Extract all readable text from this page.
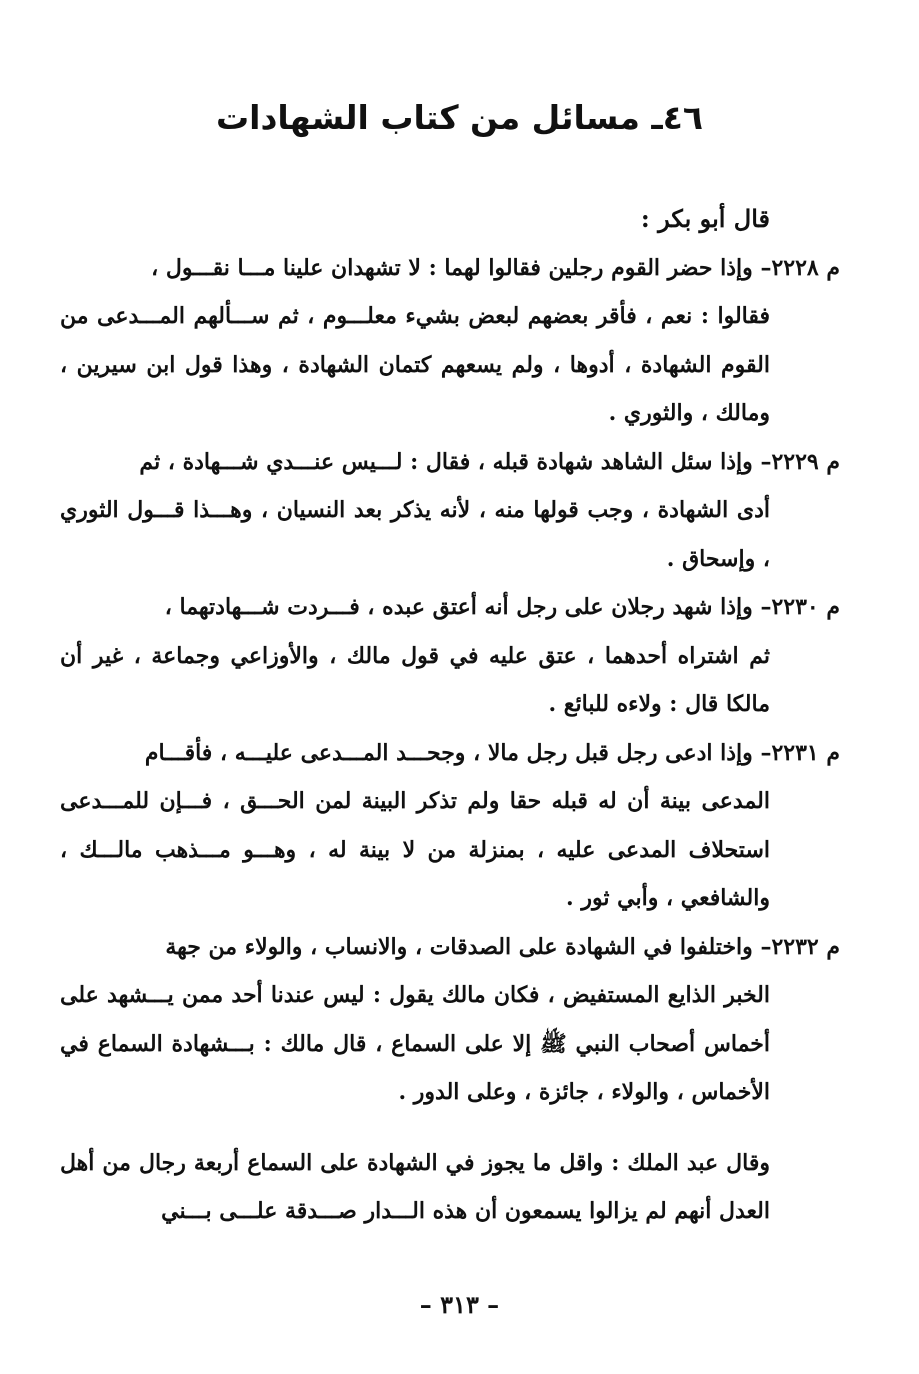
٤٦ـ مسائل من كتاب الشهادات

قال أبو بكر :

م ٢٢٢٨– وإذا حضر القوم رجلين فقالوا لهما : لا تشهدان علينا مـــا نقـــول ،

فقالوا : نعم ، فأقر بعضهم لبعض بشيء معلـــوم ، ثم ســـألهم المـــدعى من القوم الشهادة ، أدوها ، ولم يسعهم كتمان الشهادة ، وهذا قول ابن سيرين ، ومالك ، والثوري .

م ٢٢٢٩– وإذا سئل الشاهد شهادة قبله ، فقال : لـــيس عنـــدي شـــهادة ، ثم

أدى الشهادة ، وجب قولها منه ، لأنه يذكر بعد النسيان ، وهـــذا قـــول الثوري ، وإسحاق .

م ٢٢٣٠– وإذا شهد رجلان على رجل أنه أعتق عبده ، فـــردت شـــهادتهما ،

ثم اشتراه أحدهما ، عتق عليه في قول مالك ، والأوزاعي وجماعة ، غير أن مالكا قال : ولاءه للبائع .

م ٢٢٣١– وإذا ادعى رجل قبل رجل مالا ، وجحـــد المـــدعى عليـــه ، فأقـــام

المدعى بينة أن له قبله حقا ولم تذكر البينة لمن الحـــق ، فـــإن للمـــدعى استحلاف المدعى عليه ، بمنزلة من لا بينة له ، وهـــو مـــذهب مالـــك ، والشافعي ، وأبي ثور .

م ٢٢٣٢– واختلفوا في الشهادة على الصدقات ، والانساب ، والولاء من جهة

الخبر الذايع المستفيض ، فكان مالك يقول : ليس عندنا أحد ممن يـــشهد على أخماس أصحاب النبي ﷺ إلا على السماع ، قال مالك : بـــشهادة السماع في الأخماس ، والولاء ، جائزة ، وعلى الدور .

وقال عبد الملك : واقل ما يجوز في الشهادة على السماع أربعة رجال من أهل العدل أنهم لم يزالوا يسمعون أن هذه الـــدار صـــدقة علـــى بـــني

– ٣١٣ –
